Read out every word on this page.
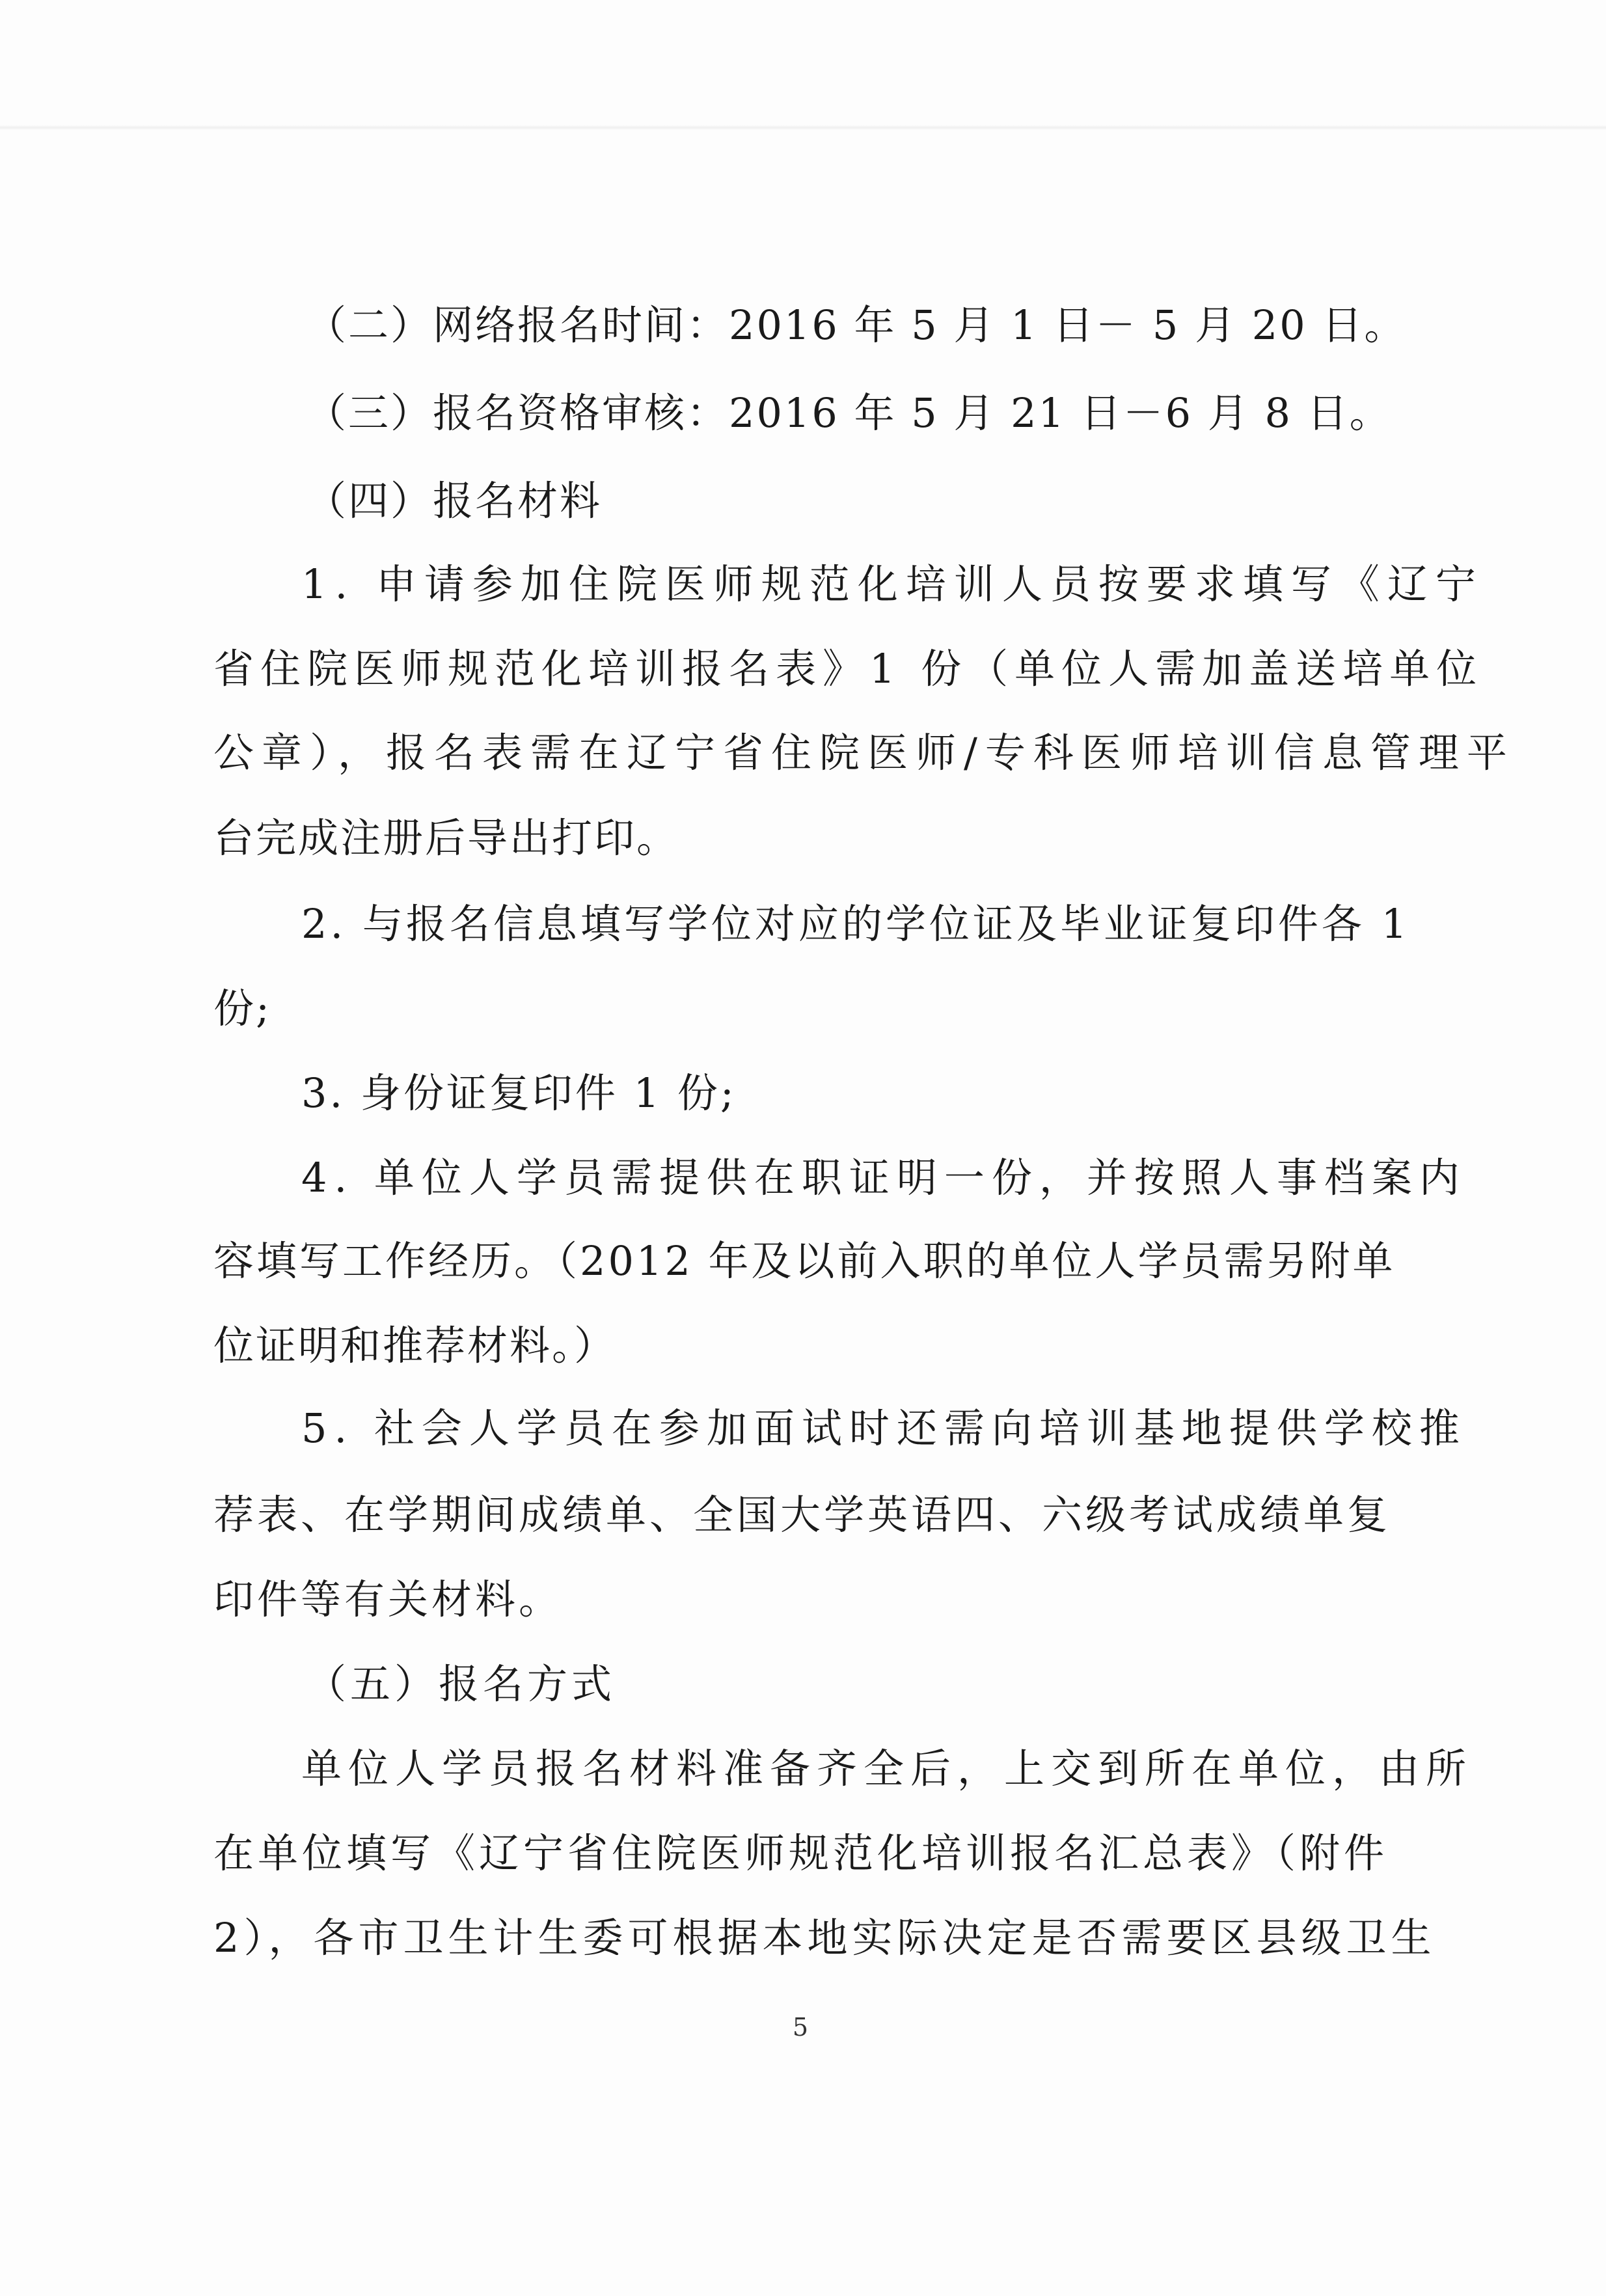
（二）网络报名时间：2016 年 5 月 1 日－ 5 月 20 日。
（三）报名资格审核：2016 年 5 月 21 日－6 月 8 日。
（四）报名材料
1. 申请参加住院医师规范化培训人员按要求填写《辽宁
省住院医师规范化培训报名表》1 份（单位人需加盖送培单位
公章），报名表需在辽宁省住院医师/专科医师培训信息管理平
台完成注册后导出打印。
2. 与报名信息填写学位对应的学位证及毕业证复印件各 1
份;
3. 身份证复印件 1 份;
4. 单位人学员需提供在职证明一份，并按照人事档案内
容填写工作经历。（2012 年及以前入职的单位人学员需另附单
位证明和推荐材料。）
5. 社会人学员在参加面试时还需向培训基地提供学校推
荐表、在学期间成绩单、全国大学英语四、六级考试成绩单复
印件等有关材料。
（五）报名方式
单位人学员报名材料准备齐全后，上交到所在单位，由所
在单位填写《辽宁省住院医师规范化培训报名汇总表》（附件
2），各市卫生计生委可根据本地实际决定是否需要区县级卫生
5
